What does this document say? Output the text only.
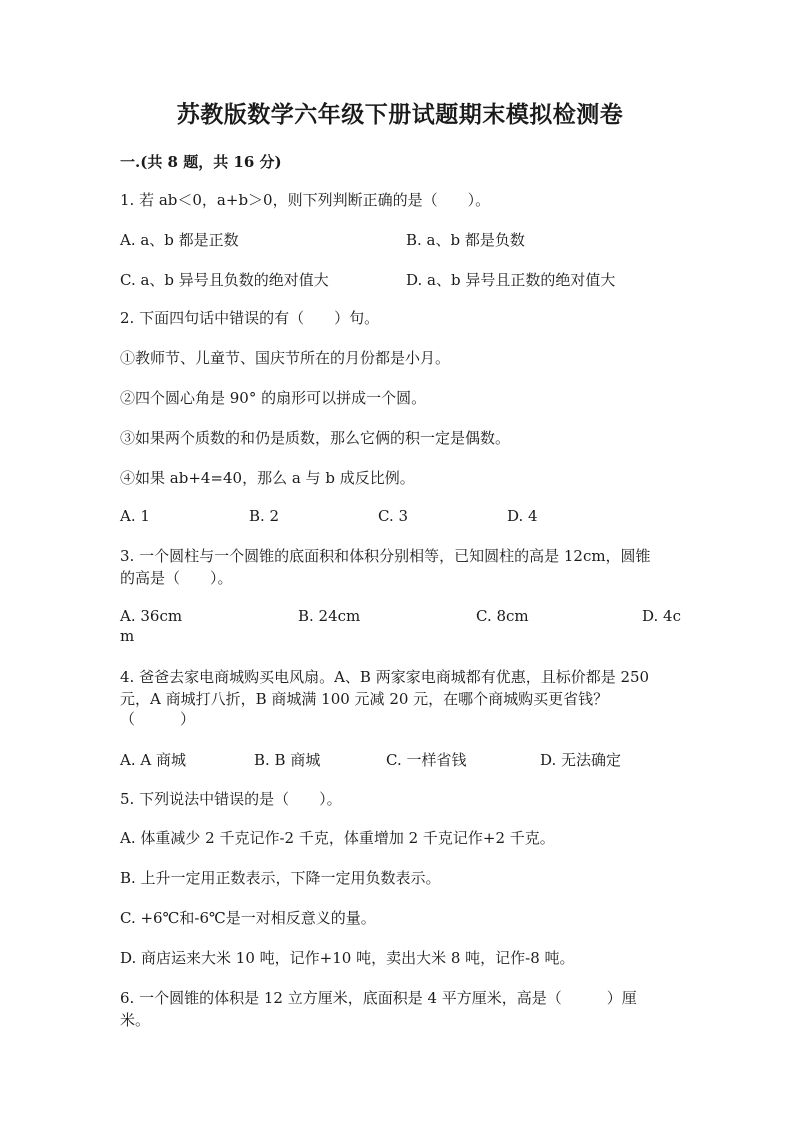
苏教版数学六年级下册试题期末模拟检测卷
一.(共 8 题，共 16 分)
1. 若 ab＜0，a+b＞0，则下列判断正确的是（　　）。
A. a、b 都是正数	B. a、b 都是负数
C. a、b 异号且负数的绝对值大	D. a、b 异号且正数的绝对值大
2. 下面四句话中错误的有（　　）句。
①教师节、儿童节、国庆节所在的月份都是小月。
②四个圆心角是 90° 的扇形可以拼成一个圆。
③如果两个质数的和仍是质数，那么它俩的积一定是偶数。
④如果 ab+4=40，那么 a 与 b 成反比例。
A. 1	B. 2	C. 3	D. 4
3. 一个圆柱与一个圆锥的底面积和体积分别相等，已知圆柱的高是 12cm，圆锥
的高是（　　）。
A. 36cm	B. 24cm	C. 8cm	D. 4c
m
4. 爸爸去家电商城购买电风扇。A、B 两家家电商城都有优惠，且标价都是 250
元，A 商城打八折，B 商城满 100 元减 20 元，在哪个商城购买更省钱？
（　　　）
A. A 商城	B. B 商城	C. 一样省钱	D. 无法确定
5. 下列说法中错误的是（　　）。
A. 体重减少 2 千克记作-2 千克，体重增加 2 千克记作+2 千克。
B. 上升一定用正数表示，下降一定用负数表示。
C. +6℃和-6℃是一对相反意义的量。
D. 商店运来大米 10 吨，记作+10 吨，卖出大米 8 吨，记作-8 吨。
6. 一个圆锥的体积是 12 立方厘米，底面积是 4 平方厘米，高是（　　　）厘
米。
